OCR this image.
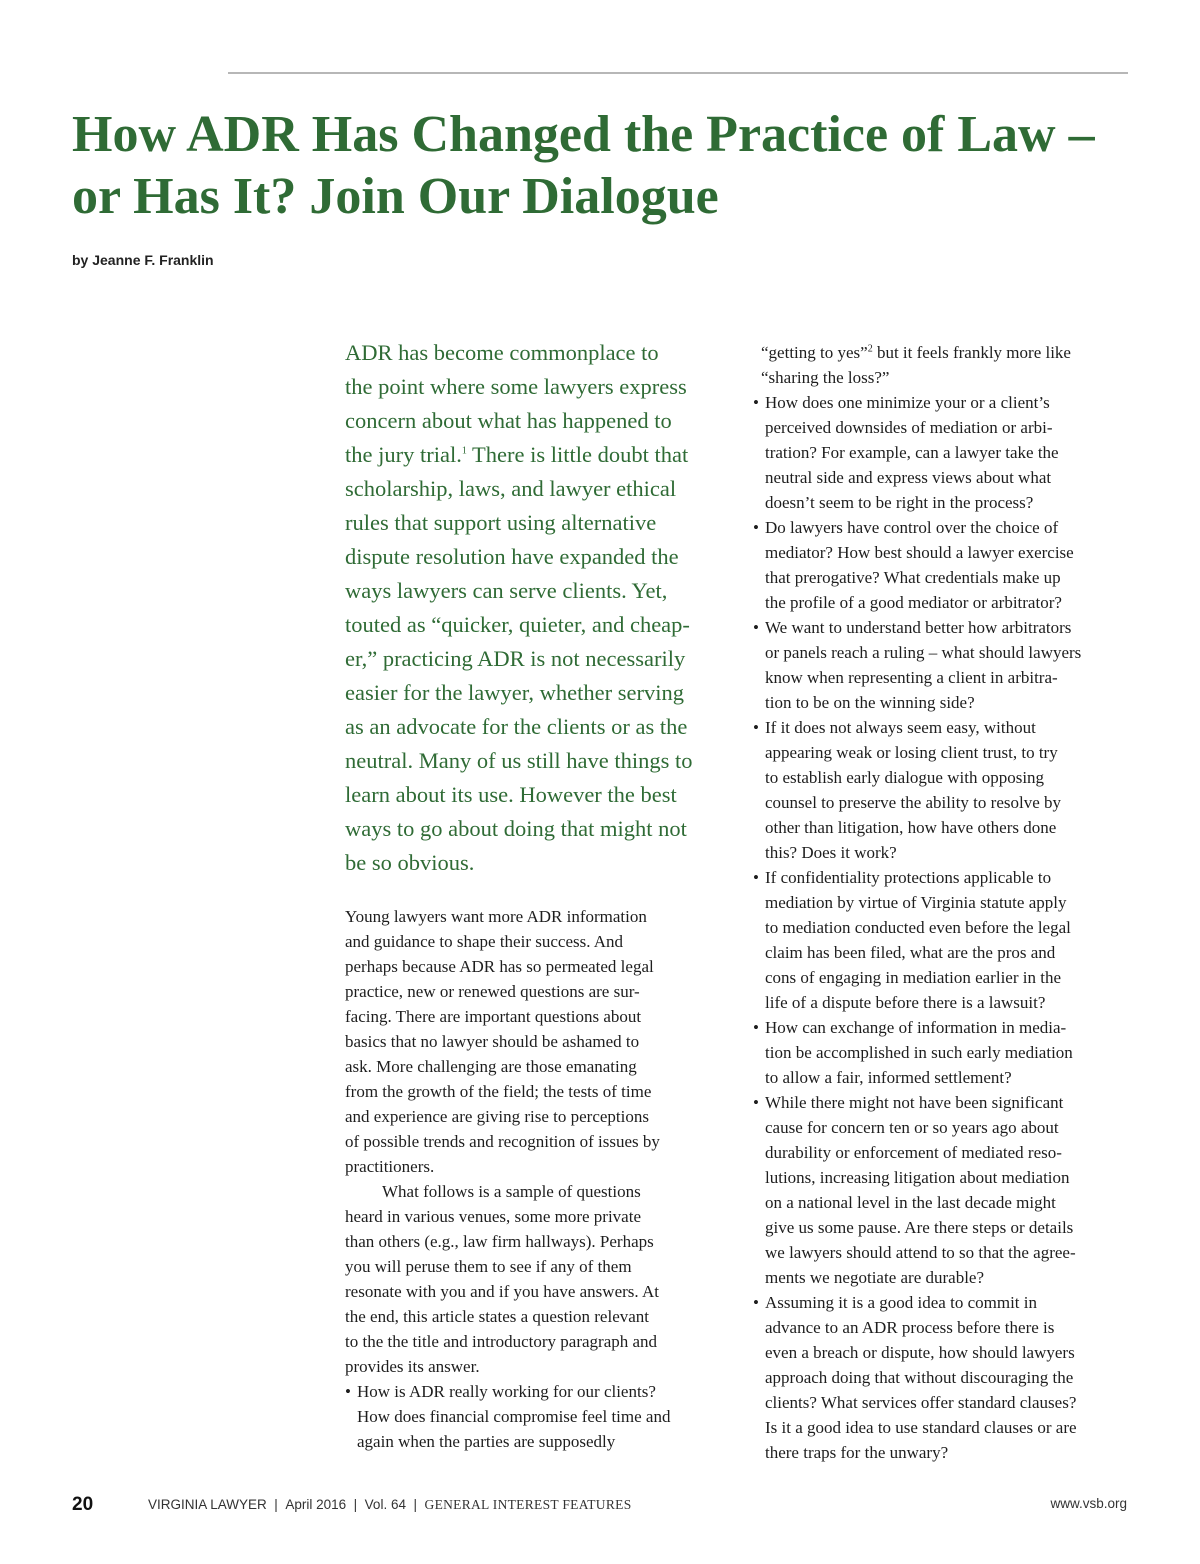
How ADR Has Changed the Practice of Law –
or Has It? Join Our Dialogue
by Jeanne F. Franklin
ADR has become commonplace to
the point where some lawyers express
concern about what has happened to
the jury trial.$^1$ There is little doubt that
scholarship, laws, and lawyer ethical
rules that support using alternative
dispute resolution have expanded the
ways lawyers can serve clients. Yet,
touted as “quicker, quieter, and cheap-
er,” practicing ADR is not necessarily
easier for the lawyer, whether serving
as an advocate for the clients or as the
neutral. Many of us still have things to
learn about its use. However the best
ways to go about doing that might not
be so obvious.
Young lawyers want more ADR information
and guidance to shape their success. And
perhaps because ADR has so permeated legal
practice, new or renewed questions are sur-
facing. There are important questions about
basics that no lawyer should be ashamed to
ask. More challenging are those emanating
from the growth of the field; the tests of time
and experience are giving rise to perceptions
of possible trends and recognition of issues by
practitioners.
What follows is a sample of questions
heard in various venues, some more private
than others (e.g., law firm hallways). Perhaps
you will peruse them to see if any of them
resonate with you and if you have answers. At
the end, this article states a question relevant
to the the title and introductory paragraph and
provides its answer.
• How is ADR really working for our clients?
How does financial compromise feel time and
again when the parties are supposedly
“getting to yes”$^2$ but it feels frankly more like
“sharing the loss?”
• How does one minimize your or a client’s
perceived downsides of mediation or arbi-
tration? For example, can a lawyer take the
neutral side and express views about what
doesn’t seem to be right in the process?
• Do lawyers have control over the choice of
mediator? How best should a lawyer exercise
that prerogative? What credentials make up
the profile of a good mediator or arbitrator?
• We want to understand better how arbitrators
or panels reach a ruling – what should lawyers
know when representing a client in arbitra-
tion to be on the winning side?
• If it does not always seem easy, without
appearing weak or losing client trust, to try
to establish early dialogue with opposing
counsel to preserve the ability to resolve by
other than litigation, how have others done
this? Does it work?
• If confidentiality protections applicable to
mediation by virtue of Virginia statute apply
to mediation conducted even before the legal
claim has been filed, what are the pros and
cons of engaging in mediation earlier in the
life of a dispute before there is a lawsuit?
• How can exchange of information in media-
tion be accomplished in such early mediation
to allow a fair, informed settlement?
• While there might not have been significant
cause for concern ten or so years ago about
durability or enforcement of mediated reso-
lutions, increasing litigation about mediation
on a national level in the last decade might
give us some pause. Are there steps or details
we lawyers should attend to so that the agree-
ments we negotiate are durable?
• Assuming it is a good idea to commit in
advance to an ADR process before there is
even a breach or dispute, how should lawyers
approach doing that without discouraging the
clients? What services offer standard clauses?
Is it a good idea to use standard clauses or are
there traps for the unwary?
20	VIRGINIA LAWYER | April 2016 | Vol. 64 | GENERAL INTEREST FEATURES	www.vsb.org
